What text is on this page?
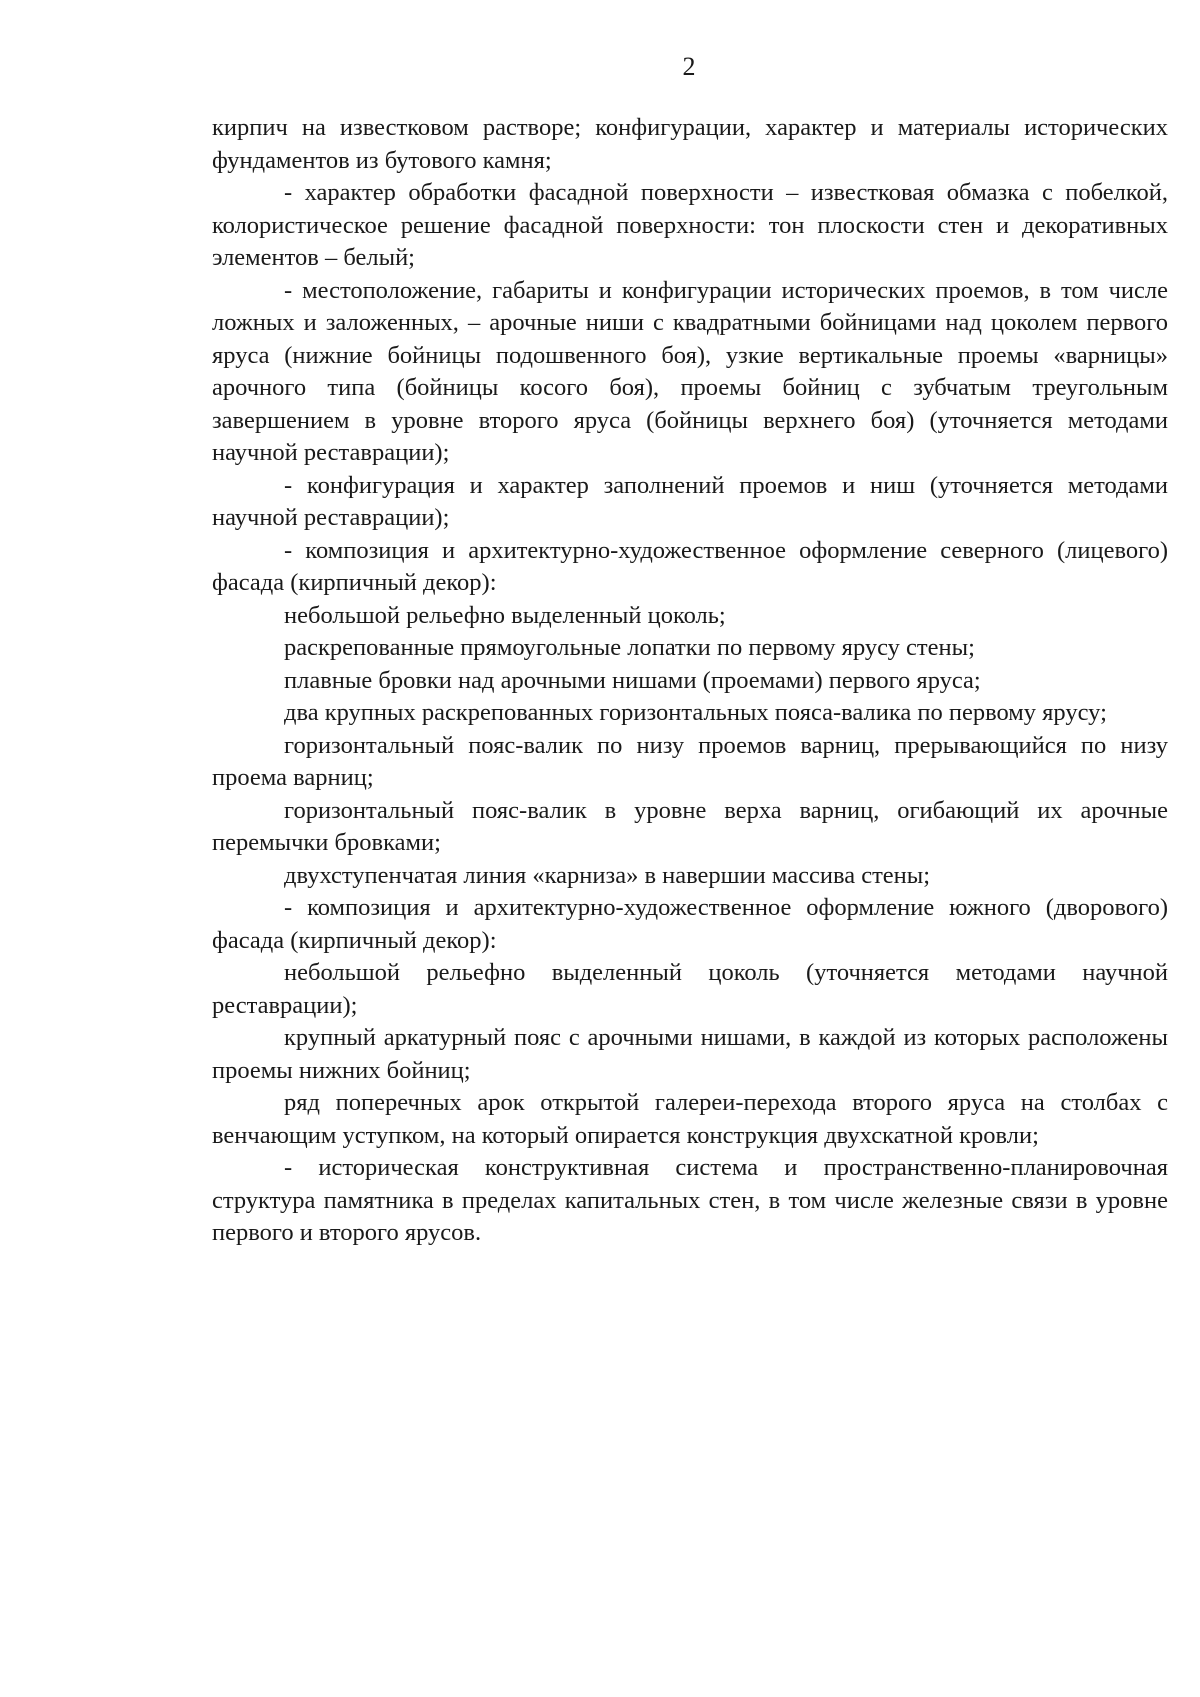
2

кирпич на известковом растворе; конфигурации, характер и материалы исторических фундаментов из бутового камня;

- характер обработки фасадной поверхности – известковая обмазка с побелкой, колористическое решение фасадной поверхности: тон плоскости стен и декоративных элементов – белый;

- местоположение, габариты и конфигурации исторических проемов, в том числе ложных и заложенных, – арочные ниши с квадратными бойницами над цоколем первого яруса (нижние бойницы подошвенного боя), узкие вертикальные проемы «варницы» арочного типа (бойницы косого боя), проемы бойниц с зубчатым треугольным завершением в уровне второго яруса (бойницы верхнего боя) (уточняется методами научной реставрации);

- конфигурация и характер заполнений проемов и ниш (уточняется методами научной реставрации);

- композиция и архитектурно-художественное оформление северного (лицевого) фасада (кирпичный декор):

небольшой рельефно выделенный цоколь;

раскрепованные прямоугольные лопатки по первому ярусу стены;

плавные бровки над арочными нишами (проемами) первого яруса;

два крупных раскрепованных горизонтальных пояса-валика по первому ярусу;

горизонтальный пояс-валик по низу проемов варниц, прерывающийся по низу проема варниц;

горизонтальный пояс-валик в уровне верха варниц, огибающий их арочные перемычки бровками;

двухступенчатая линия «карниза» в навершии массива стены;

- композиция и архитектурно-художественное оформление южного (дворового) фасада (кирпичный декор):

небольшой рельефно выделенный цоколь (уточняется методами научной реставрации);

крупный аркатурный пояс с арочными нишами, в каждой из которых расположены проемы нижних бойниц;

ряд поперечных арок открытой галереи-перехода второго яруса на столбах с венчающим уступком, на который опирается конструкция двухскатной кровли;

- историческая конструктивная система и пространственно-планировочная структура памятника в пределах капитальных стен, в том числе железные связи в уровне первого и второго ярусов.
